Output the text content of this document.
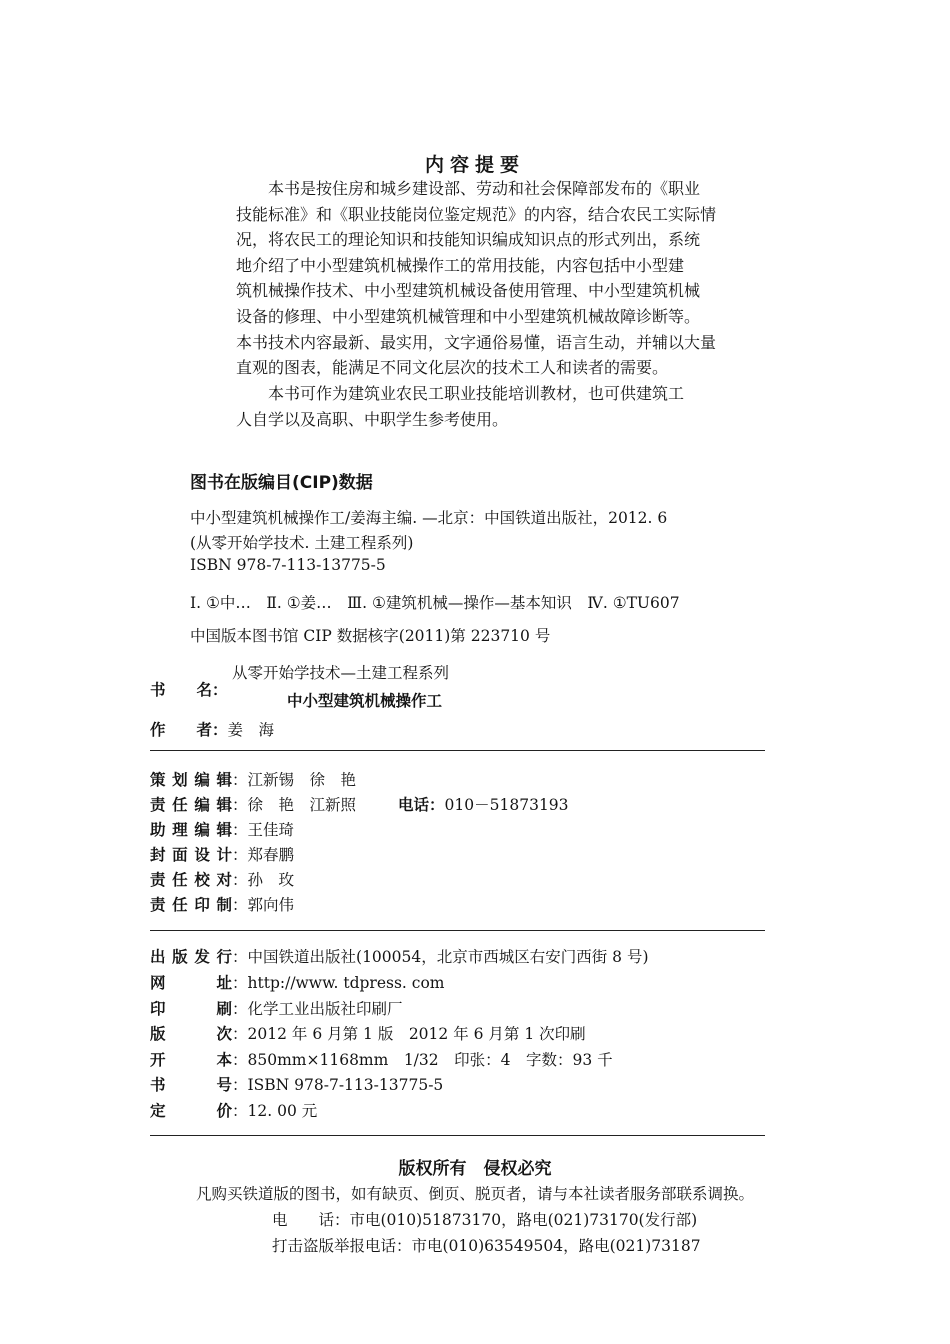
内容提要
　　本书是按住房和城乡建设部、劳动和社会保障部发布的《职业
技能标准》和《职业技能岗位鉴定规范》的内容，结合农民工实际情
况，将农民工的理论知识和技能知识编成知识点的形式列出，系统
地介绍了中小型建筑机械操作工的常用技能，内容包括中小型建
筑机械操作技术、中小型建筑机械设备使用管理、中小型建筑机械
设备的修理、中小型建筑机械管理和中小型建筑机械故障诊断等。
本书技术内容最新、最实用，文字通俗易懂，语言生动，并辅以大量
直观的图表，能满足不同文化层次的技术工人和读者的需要。
　　本书可作为建筑业农民工职业技能培训教材，也可供建筑工
人自学以及高职、中职学生参考使用。
图书在版编目(CIP)数据
中小型建筑机械操作工/姜海主编. —北京：中国铁道出版社，2012. 6
(从零开始学技术. 土建工程系列)
ISBN 978-7-113-13775-5
Ⅰ. ①中…　Ⅱ. ①姜…　Ⅲ. ①建筑机械—操作—基本知识　Ⅳ. ①TU607
中国版本图书馆 CIP 数据核字(2011)第 223710 号
书　　名：
从零开始学技术—土建工程系列
中小型建筑机械操作工
作　　者：姜　海
策划编辑：江新锡　徐　艳
责任编辑：徐　艳　江新照	电话：010－51873193
助理编辑：王佳琦
封面设计：郑春鹏
责任校对：孙　玫
责任印制：郭向伟
出版发行：中国铁道出版社(100054，北京市西城区右安门西街 8 号)
网址：http://www. tdpress. com
印刷：化学工业出版社印刷厂
版次：2012 年 6 月第 1 版　2012 年 6 月第 1 次印刷
开本：850mm×1168mm　1/32　印张：4　字数：93 千
书号：ISBN 978-7-113-13775-5
定价：12. 00 元
版权所有　侵权必究
凡购买铁道版的图书，如有缺页、倒页、脱页者，请与本社读者服务部联系调换。
电　　话：市电(010)51873170，路电(021)73170(发行部)
打击盗版举报电话：市电(010)63549504，路电(021)73187
